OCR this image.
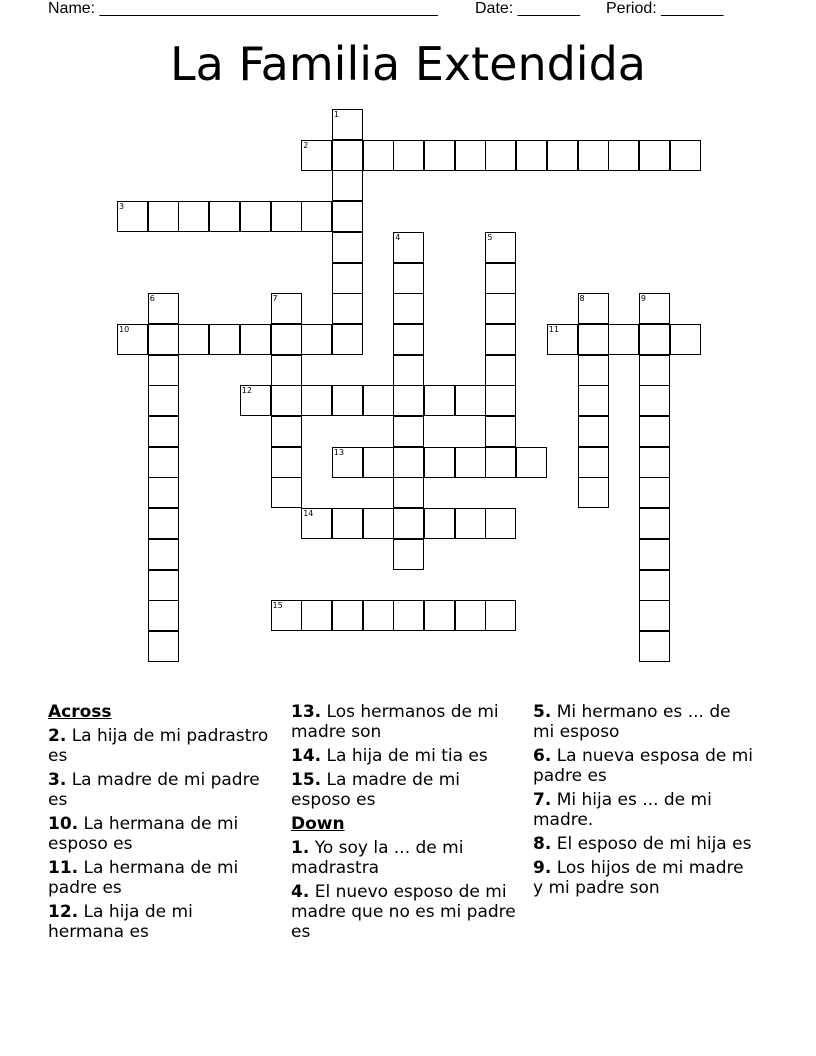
Name: ______________________________________

Date: _______

Period: _______

La Familia Extendida
1
2
3
4	5
6	7	8	9
10	11
12
13
14
15
Across
2. La hija de mi padrastro es
3. La madre de mi padre es
10. La hermana de mi esposo es
11. La hermana de mi padre es
12. La hija de mi hermana es
13. Los hermanos de mi madre son
14. La hija de mi tia es
15. La madre de mi esposo es
Down
1. Yo soy la ... de mi madrastra
4. El nuevo esposo de mi madre que no es mi padre es
5. Mi hermano es ... de mi esposo
6. La nueva esposa de mi padre es
7. Mi hija es ... de mi madre.
8. El esposo de mi hija es
9. Los hijos de mi madre y mi padre son
